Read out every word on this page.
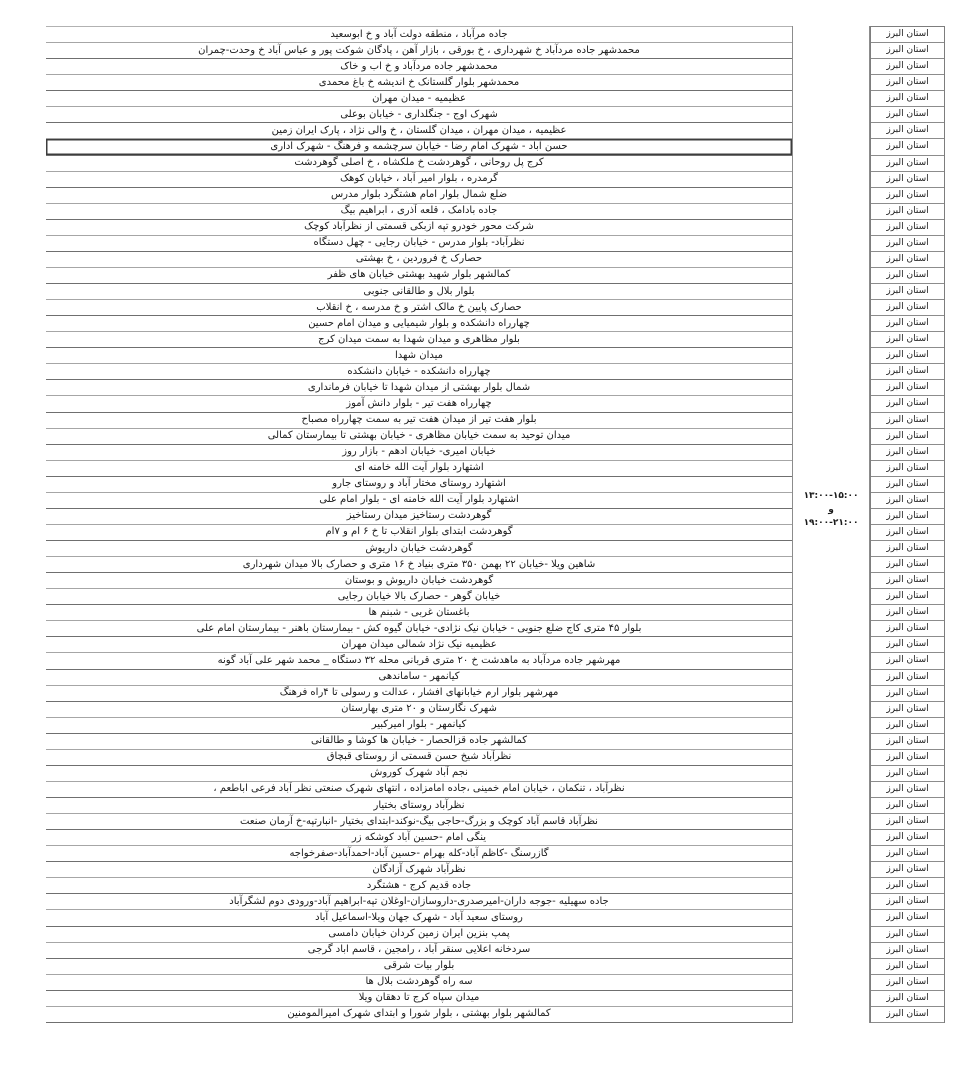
جاده مرآباد ، منطقه دولت آباد و خ ابوسعید
محمدشهر جاده مردآباد خ شهرداری ، خ بورقی ، بازار آهن ، پادگان شوکت پور و عباس آباد خ وحدت-چمران
محمدشهر جاده مردآباد و خ اب و خاک
محمدشهر بلوار گلستانک خ اندیشه خ باغ محمدی
عظیمیه - میدان مهران
شهرک اوج - جنگلداری - خیابان بوعلی
عظیمیه ، میدان مهران ، میدان گلستان ، خ والی نژاد ، پارک ایران زمین
حسن آباد - شهرک امام رضا - خیابان سرچشمه و فرهنگ - شهرک اداری
کرج پل روحانی ، گوهردشت خ ملکشاه ، خ اصلی گوهردشت
گرمدره ، بلوار امیر آباد ، خیابان کوهک
ضلع شمال بلوار امام هشتگرد بلوار مدرس
جاده بادامک ، قلعه آذری ، ابراهیم بیگ
شرکت محور خودرو تپه ازبکی قسمتی از نظرآباد کوچک
نظرآباد- بلوار مدرس - خیابان رجایی - چهل دستگاه
حصارک خ فروردین ، خ بهشتی
کمالشهر بلوار شهید بهشتی خیابان های ظفر
بلوار بلال و طالقانی جنوبی
حصارک پایین خ مالک اشتر و خ مدرسه ، خ انقلاب
چهارراه دانشکده و بلوار شیمیایی و میدان امام حسین
بلوار مظاهری و میدان شهدا به سمت میدان کرج
میدان شهدا
چهارراه دانشکده - خیابان دانشکده
شمال بلوار بهشتی از میدان شهدا تا خیابان فرمانداری
چهارراه هفت تیر - بلوار دانش آموز
بلوار هفت تیر از میدان هفت تیر به سمت چهارراه مصباح
میدان توحید به سمت خیابان مظاهری - خیابان بهشتی تا بیمارستان کمالی
خیابان امیری- خیابان ادهم - بازار روز
اشتهارد بلوار آیت الله خامنه ای
اشتهارد روستای مختار آباد و روستای جارو
اشتهارد بلوار آیت الله خامنه ای - بلوار امام علی
گوهردشت رستاخیز میدان رستاخیز
گوهردشت ابتدای بلوار انقلاب تا خ ۶ ام و ۷ام
گوهردشت خیابان داریوش
شاهین ویلا -خیابان ۲۲ بهمن ۳۵۰ متری بنیاد خ ۱۶ متری و حصارک بالا میدان شهرداری
گوهردشت خیابان داریوش و بوستان
خیابان گوهر - حصارک بالا خیابان رجایی
باغستان غربی - شبنم ها
بلوار ۴۵ متری کاج ضلع جنوبی - خیابان نیک نژادی- خیابان گیوه کش - بیمارستان باهنر - بیمارستان امام علی
عظیمیه نیک نژاد شمالی میدان مهران
مهرشهر جاده مردآباد به ماهدشت خ ۲۰ متری قربانی محله ۳۲ دستگاه _ محمد شهر علی آباد گونه
کیانمهر - ساماندهی
مهرشهر بلوار ارم خیابانهای افشار ، عدالت و رسولی تا ۴راه فرهنگ
شهرک نگارستان و ۲۰ متری بهارستان
کیانمهر - بلوار امیرکبیر
کمالشهر جاده قزالحصار - خیابان ها کوشا و طالقانی
نظرآباد شیخ حسن قسمتی از روستای قبچاق
نجم آباد شهرک کوروش
نظرآباد ، تنکمان ، خیابان امام خمینی ،جاده امامزاده ، انتهای شهرک صنعتی نظر آباد فرعی اباطعم ،
نظرآباد روستای بختیار
نظرآباد قاسم آباد کوچک و بزرگ-حاجی بیگ-نوکند-ابتدای بختیار -انبارتپه-خ آرمان صنعت
ینگی امام -حسین آباد کوشکه زر
گازرسنگ -کاظم آباد-کله بهرام -حسین آباد-احمدآباد-صفرخواجه
نظرآباد شهرک آزادگان
جاده قدیم کرج - هشتگرد
جاده سهیلیه -جوجه داران-امیرصدری-داروسازان-اوغلان تپه-ابراهیم آباد-ورودی دوم لشگرآباد
روستای سعید آباد - شهرک جهان ویلا-اسماعیل آباد
پمپ بنزین ایران زمین کردان خیابان دامسی
سردخانه اعلایی سنقر آباد ، رامجین ، قاسم اباد گرجی
بلوار بیات شرقی
سه راه گوهردشت بلال ها
میدان سپاه کرج تا دهقان ویلا
کمالشهر بلوار بهشتی ، بلوار شورا و ابتدای شهرک امیرالمومنین
۱۳:۰۰-۱۵:۰۰
و
۱۹:۰۰-۲۱:۰۰
استان البرز
استان البرز
استان البرز
استان البرز
استان البرز
استان البرز
استان البرز
استان البرز
استان البرز
استان البرز
استان البرز
استان البرز
استان البرز
استان البرز
استان البرز
استان البرز
استان البرز
استان البرز
استان البرز
استان البرز
استان البرز
استان البرز
استان البرز
استان البرز
استان البرز
استان البرز
استان البرز
استان البرز
استان البرز
استان البرز
استان البرز
استان البرز
استان البرز
استان البرز
استان البرز
استان البرز
استان البرز
استان البرز
استان البرز
استان البرز
استان البرز
استان البرز
استان البرز
استان البرز
استان البرز
استان البرز
استان البرز
استان البرز
استان البرز
استان البرز
استان البرز
استان البرز
استان البرز
استان البرز
استان البرز
استان البرز
استان البرز
استان البرز
استان البرز
استان البرز
استان البرز
استان البرز
